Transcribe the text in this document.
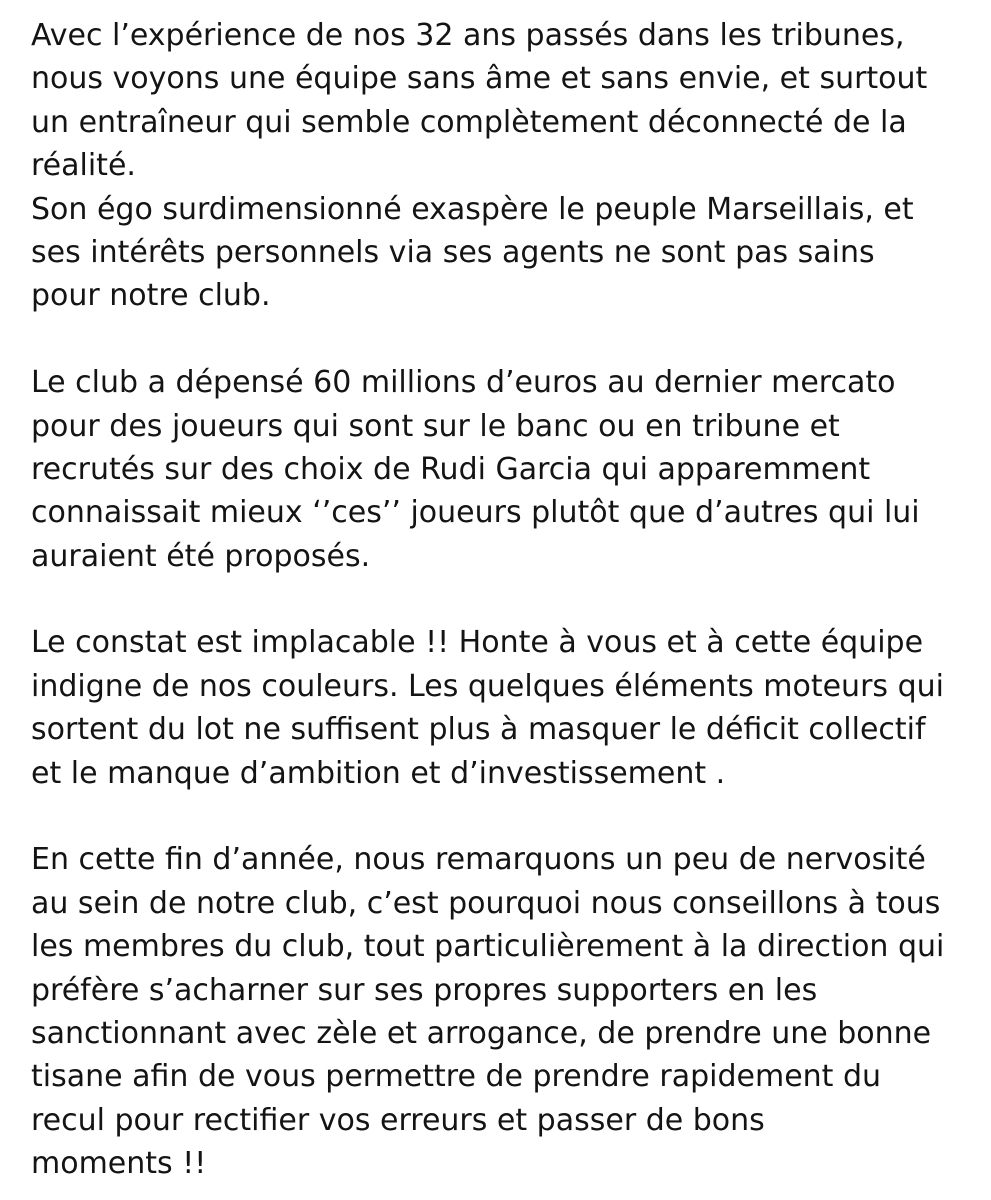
Avec l’expérience de nos 32 ans passés dans les tribunes,
nous voyons une équipe sans âme et sans envie, et surtout
un entraîneur qui semble complètement déconnecté de la
réalité.
Son égo surdimensionné exaspère le peuple Marseillais, et
ses intérêts personnels via ses agents ne sont pas sains
pour notre club.

Le club a dépensé 60 millions d’euros au dernier mercato
pour des joueurs qui sont sur le banc ou en tribune et
recrutés sur des choix de Rudi Garcia qui apparemment
connaissait mieux ‘’ces’’ joueurs plutôt que d’autres qui lui
auraient été proposés.

Le constat est implacable !! Honte à vous et à cette équipe
indigne de nos couleurs. Les quelques éléments moteurs qui
sortent du lot ne suffisent plus à masquer le déficit collectif
et le manque d’ambition et d’investissement .

En cette fin d’année, nous remarquons un peu de nervosité
au sein de notre club, c’est pourquoi nous conseillons à tous
les membres du club, tout particulièrement à la direction qui
préfère s’acharner sur ses propres supporters en les
sanctionnant avec zèle et arrogance, de prendre une bonne
tisane afin de vous permettre de prendre rapidement du
recul pour rectifier vos erreurs et passer de bons
moments !!
